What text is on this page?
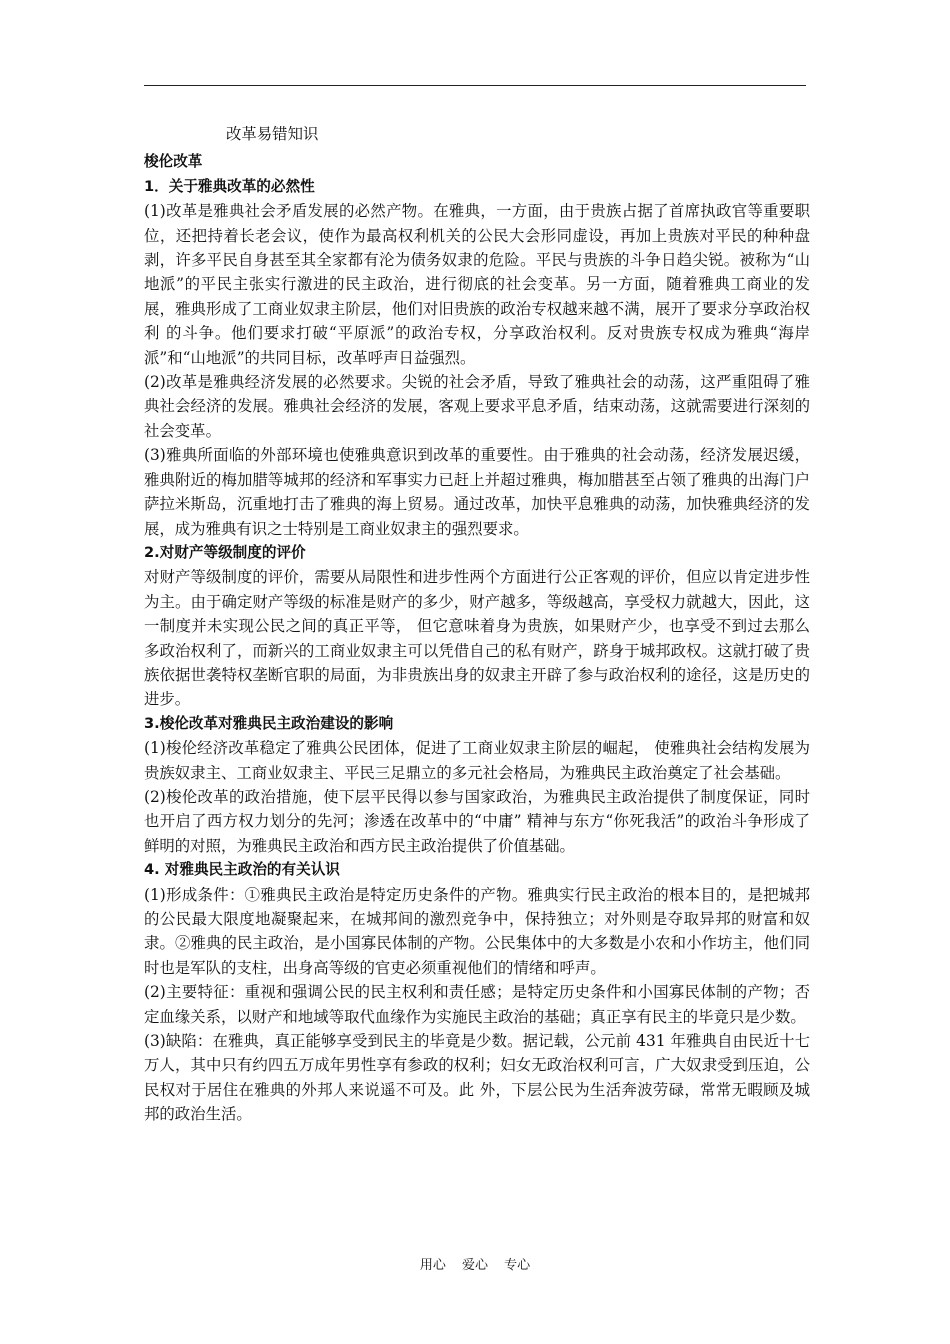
改革易错知识
梭伦改革
1．关于雅典改革的必然性

(1)改革是雅典社会矛盾发展的必然产物。在雅典，一方面，由于贵族占据了首席执政官等重要职位，还把持着长老会议，使作为最高权利机关的公民大会形同虚设，再加上贵族对平民的种种盘剥，许多平民自身甚至其全家都有沦为债务奴隶的危险。平民与贵族的斗争日趋尖锐。被称为“山地派”的平民主张实行激进的民主政治，进行彻底的社会变革。另一方面，随着雅典工商业的发展，雅典形成了工商业奴隶主阶层，他们对旧贵族的政治专权越来越不满，展开了要求分享政治权利 的斗争。他们要求打破“平原派”的政治专权，分享政治权利。反对贵族专权成为雅典“海岸派”和“山地派”的共同目标，改革呼声日益强烈。

(2)改革是雅典经济发展的必然要求。尖锐的社会矛盾，导致了雅典社会的动荡，这严重阻碍了雅典社会经济的发展。雅典社会经济的发展，客观上要求平息矛盾，结束动荡，这就需要进行深刻的社会变革。

(3)雅典所面临的外部环境也使雅典意识到改革的重要性。由于雅典的社会动荡，经济发展迟缓，雅典附近的梅加腊等城邦的经济和军事实力已赶上并超过雅典，梅加腊甚至占领了雅典的出海门户萨拉米斯岛，沉重地打击了雅典的海上贸易。通过改革，加快平息雅典的动荡，加快雅典经济的发展，成为雅典有识之士特别是工商业奴隶主的强烈要求。

2.对财产等级制度的评价

对财产等级制度的评价，需要从局限性和进步性两个方面进行公正客观的评价，但应以肯定进步性为主。由于确定财产等级的标准是财产的多少，财产越多，等级越高，享受权力就越大，因此，这一制度并未实现公民之间的真正平等， 但它意味着身为贵族，如果财产少，也享受不到过去那么多政治权利了，而新兴的工商业奴隶主可以凭借自己的私有财产，跻身于城邦政权。这就打破了贵族依据世袭特权垄断官职的局面，为非贵族出身的奴隶主开辟了参与政治权利的途径，这是历史的进步。

3.梭伦改革对雅典民主政治建设的影响

(1)梭伦经济改革稳定了雅典公民团体，促进了工商业奴隶主阶层的崛起， 使雅典社会结构发展为贵族奴隶主、工商业奴隶主、平民三足鼎立的多元社会格局，为雅典民主政治奠定了社会基础。

(2)梭伦改革的政治措施，使下层平民得以参与国家政治，为雅典民主政治提供了制度保证，同时也开启了西方权力划分的先河；渗透在改革中的“中庸” 精神与东方“你死我活”的政治斗争形成了鲜明的对照，为雅典民主政治和西方民主政治提供了价值基础。

4. 对雅典民主政治的有关认识

(1)形成条件：①雅典民主政治是特定历史条件的产物。雅典实行民主政治的根本目的，是把城邦的公民最大限度地凝聚起来，在城邦间的激烈竞争中，保持独立；对外则是夺取异邦的财富和奴隶。②雅典的民主政治，是小国寡民体制的产物。公民集体中的大多数是小农和小作坊主，他们同时也是军队的支柱，出身高等级的官吏必须重视他们的情绪和呼声。

(2)主要特征：重视和强调公民的民主权利和责任感；是特定历史条件和小国寡民体制的产物；否定血缘关系，以财产和地域等取代血缘作为实施民主政治的基础；真正享有民主的毕竟只是少数。

(3)缺陷：在雅典，真正能够享受到民主的毕竟是少数。据记载，公元前 431 年雅典自由民近十七万人，其中只有约四五万成年男性享有参政的权利；妇女无政治权利可言，广大奴隶受到压迫，公民权对于居住在雅典的外邦人来说遥不可及。此 外，下层公民为生活奔波劳碌，常常无暇顾及城邦的政治生活。

用心 爱心 专心
